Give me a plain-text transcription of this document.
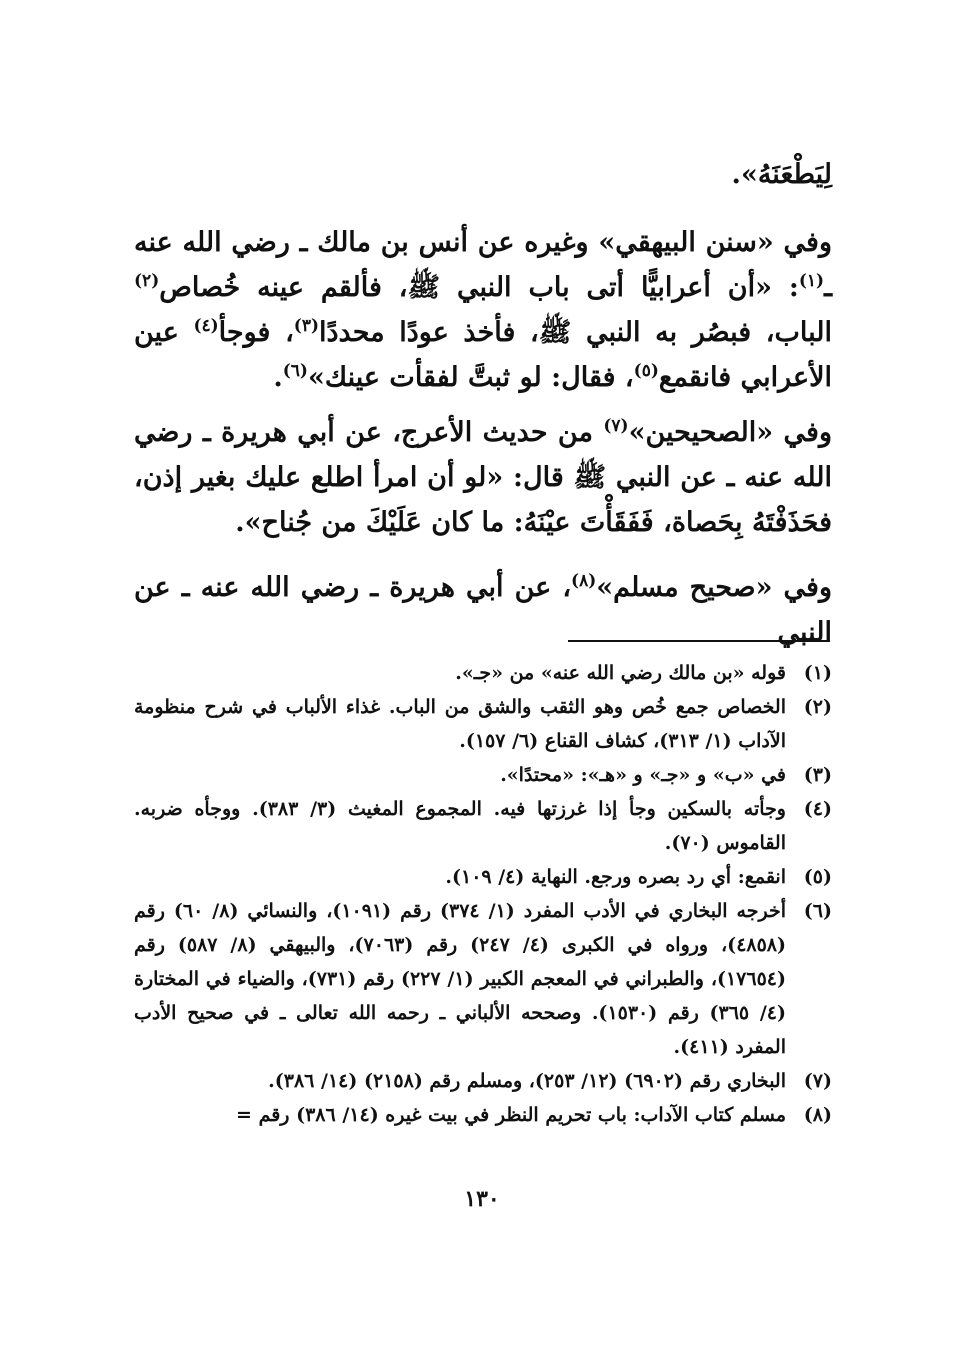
لِيَطْعَنَهُ».

وفي «سنن البيهقي» وغيره عن أنس بن مالك ـ رضي الله عنه ـ$^{(١)}$: «أن أعرابيًّا أتى باب النبي ﷺ، فألقم عينه خُصاص$^{(٢)}$ الباب، فبصُر به النبي ﷺ، فأخذ عودًا محددًا$^{(٣)}$، فوجأ$^{(٤)}$ عين الأعرابي فانقمع$^{(٥)}$، فقال: لو ثبتَّ لفقأت عينك»$^{(٦)}$.

وفي «الصحيحين»$^{(٧)}$ من حديث الأعرج، عن أبي هريرة ـ رضي الله عنه ـ عن النبي ﷺ قال: «لو أن امرأ اطلع عليك بغير إذن، فحَذَفْتَهُ بِحَصاة، فَفَقَأْتَ عيْنَهُ: ما كان عَلَيْكَ من جُناح».

وفي «صحيح مسلم»$^{(٨)}$، عن أبي هريرة ـ رضي الله عنه ـ عن النبي

(١)
قوله «بن مالك رضي الله عنه» من «جـ».
(٢)
الخصاص جمع خُص وهو الثقب والشق من الباب. غذاء الألباب في شرح منظومة الآداب (١/ ٣١٣)، كشاف القناع (٦/ ١٥٧).
(٣)
في «ب» و «جـ» و «هـ»: «محتدًا».
(٤)
وجأته بالسكين وجأ إذا غرزتها فيه. المجموع المغيث (٣/ ٣٨٣). ووجأه ضربه. القاموس (٧٠).
(٥)
انقمع: أي رد بصره ورجع. النهاية (٤/ ١٠٩).
(٦)
أخرجه البخاري في الأدب المفرد (١/ ٣٧٤) رقم (١٠٩١)، والنسائي (٨/ ٦٠) رقم (٤٨٥٨)، ورواه في الكبرى (٤/ ٢٤٧) رقم (٧٠٦٣)، والبيهقي (٨/ ٥٨٧) رقم (١٧٦٥٤)، والطبراني في المعجم الكبير (١/ ٢٢٧) رقم (٧٣١)، والضياء في المختارة (٤/ ٣٦٥) رقم (١٥٣٠). وصححه الألباني ـ رحمه الله تعالى ـ في صحيح الأدب المفرد (٤١١).
(٧)
البخاري رقم (٦٩٠٢) (١٢/ ٢٥٣)، ومسلم رقم (٢١٥٨) (١٤/ ٣٨٦).
(٨)
مسلم كتاب الآداب: باب تحريم النظر في بيت غيره (١٤/ ٣٨٦) رقم =
١٣٠
